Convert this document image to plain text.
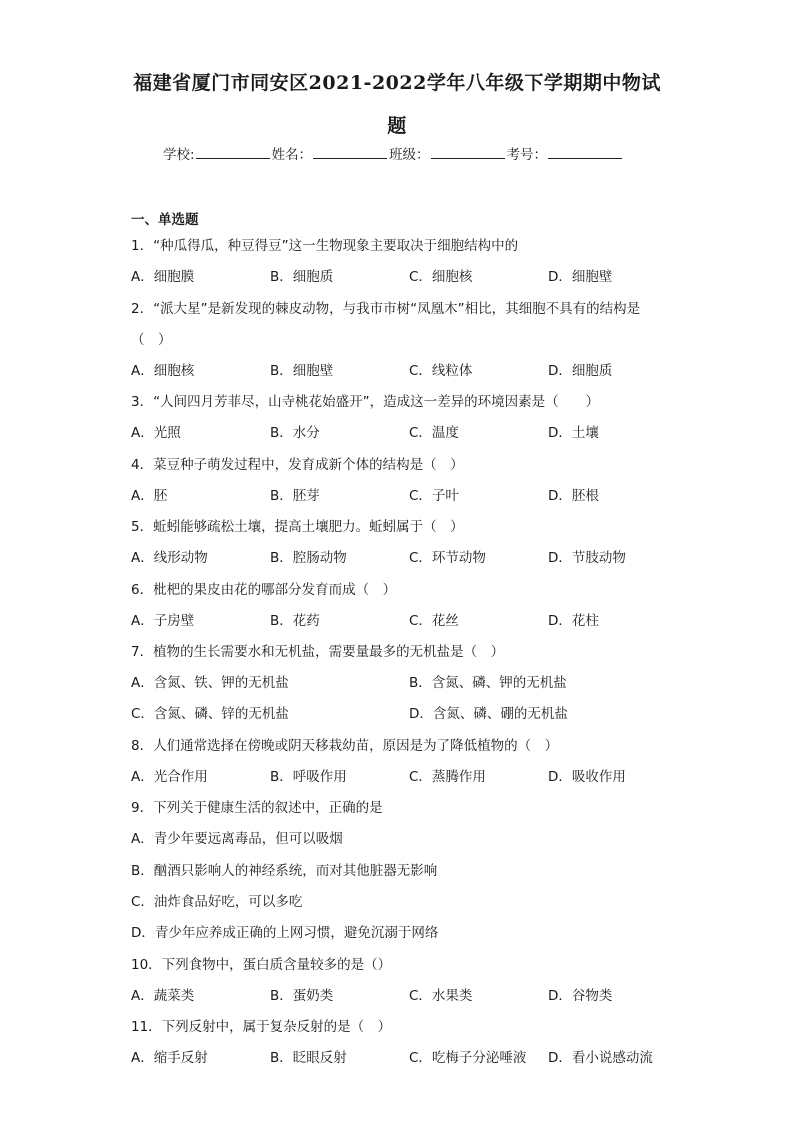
福建省厦门市同安区2021-2022学年八年级下学期期中物试
题
学校:	姓名：	班级：	考号：
一、单选题
1．“种瓜得瓜，种豆得豆”这一生物现象主要取决于细胞结构中的
A．细胞膜	B．细胞质	C．细胞核	D．细胞壁
2．“派大星”是新发现的棘皮动物，与我市市树“凤凰木”相比，其细胞不具有的结构是
（　）
A．细胞核	B．细胞壁	C．线粒体	D．细胞质
3．“人间四月芳菲尽，山寺桃花始盛开”，造成这一差异的环境因素是（　　）
A．光照	B．水分	C．温度	D．土壤
4．菜豆种子萌发过程中，发育成新个体的结构是（　）
A．胚	B．胚芽	C．子叶	D．胚根
5．蚯蚓能够疏松土壤，提高土壤肥力。蚯蚓属于（　）
A．线形动物	B．腔肠动物	C．环节动物	D．节肢动物
6．枇杷的果皮由花的哪部分发育而成（　）
A．子房壁	B．花药	C．花丝	D．花柱
7．植物的生长需要水和无机盐，需要量最多的无机盐是（　）
A．含氮、铁、钾的无机盐	B．含氮、磷、钾的无机盐
C．含氮、磷、锌的无机盐	D．含氮、磷、硼的无机盐
8．人们通常选择在傍晚或阴天移栽幼苗，原因是为了降低植物的（　）
A．光合作用	B．呼吸作用	C．蒸腾作用	D．吸收作用
9．下列关于健康生活的叙述中，正确的是
A．青少年要远离毒品，但可以吸烟
B．酗酒只影响人的神经系统，而对其他脏器无影响
C．油炸食品好吃，可以多吃
D．青少年应养成正确的上网习惯，避免沉溺于网络
10．下列食物中，蛋白质含量较多的是（）
A．蔬菜类	B．蛋奶类	C．水果类	D．谷物类
11．下列反射中，属于复杂反射的是（　）
A．缩手反射	B．眨眼反射	C．吃梅子分泌唾液 D．看小说感动流
